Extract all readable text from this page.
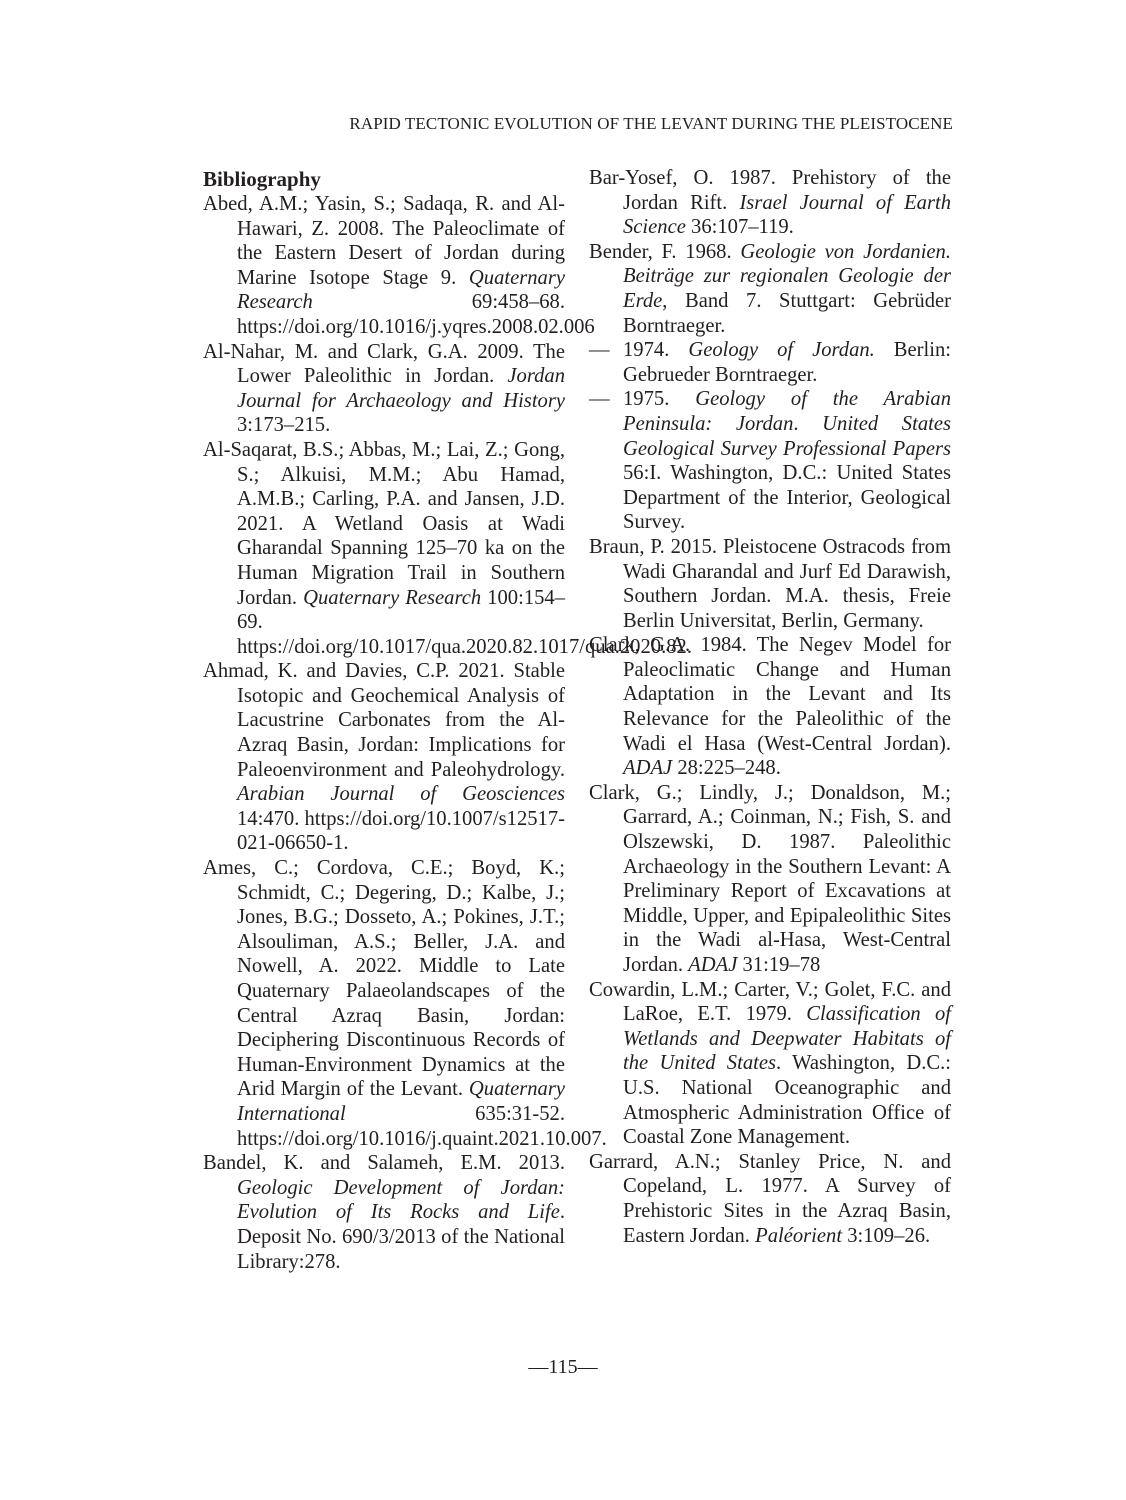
RAPID TECTONIC EVOLUTION OF THE LEVANT DURING THE PLEISTOCENE
Bibliography

Abed, A.M.; Yasin, S.; Sadaqa, R. and Al-Hawari, Z. 2008. The Paleoclimate of the Eastern Desert of Jordan during Marine Isotope Stage 9. Quaternary Research 69:458–68. https://doi.org/10.1016/j.yqres.2008.02.006

Al-Nahar, M. and Clark, G.A. 2009. The Lower Paleolithic in Jordan. Jordan Journal for Archaeology and History 3:173–215.

Al-Saqarat, B.S.; Abbas, M.; Lai, Z.; Gong, S.; Alkuisi, M.M.; Abu Hamad, A.M.B.; Carling, P.A. and Jansen, J.D. 2021. A Wetland Oasis at Wadi Gharandal Spanning 125–70 ka on the Human Migration Trail in Southern Jordan. Quaternary Research 100:154–69. https://doi.org/10.1017/qua.2020.82.1017/qua.2020.82.

Ahmad, K. and Davies, C.P. 2021. Stable Isotopic and Geochemical Analysis of Lacustrine Carbonates from the Al-Azraq Basin, Jordan: Implications for Paleoenvironment and Paleohydrology. Arabian Journal of Geosciences 14:470. https://doi.org/10.1007/s12517-021-06650-1.

Ames, C.; Cordova, C.E.; Boyd, K.; Schmidt, C.; Degering, D.; Kalbe, J.; Jones, B.G.; Dosseto, A.; Pokines, J.T.; Alsouliman, A.S.; Beller, J.A. and Nowell, A. 2022. Middle to Late Quaternary Palaeolandscapes of the Central Azraq Basin, Jordan: Deciphering Discontinuous Records of Human-Environment Dynamics at the Arid Margin of the Levant. Quaternary International 635:31-52. https://doi.org/10.1016/j.quaint.2021.10.007.

Bandel, K. and Salameh, E.M. 2013. Geologic Development of Jordan: Evolution of Its Rocks and Life. Deposit No. 690/3/2013 of the National Library:278.

Bar-Yosef, O. 1987. Prehistory of the Jordan Rift. Israel Journal of Earth Science 36:107–119.

Bender, F. 1968. Geologie von Jordanien. Beiträge zur regionalen Geologie der Erde, Band 7. Stuttgart: Gebrüder Borntraeger.

— 1974. Geology of Jordan. Berlin: Gebrueder Borntraeger.

— 1975. Geology of the Arabian Peninsula: Jordan. United States Geological Survey Professional Papers 56:I. Washington, D.C.: United States Department of the Interior, Geological Survey.

Braun, P. 2015. Pleistocene Ostracods from Wadi Gharandal and Jurf Ed Darawish, Southern Jordan. M.A. thesis, Freie Berlin Universitat, Berlin, Germany.

Clark, G.A. 1984. The Negev Model for Paleoclimatic Change and Human Adaptation in the Levant and Its Relevance for the Paleolithic of the Wadi el Hasa (West-Central Jordan). ADAJ 28:225–248.

Clark, G.; Lindly, J.; Donaldson, M.; Garrard, A.; Coinman, N.; Fish, S. and Olszewski, D. 1987. Paleolithic Archaeology in the Southern Levant: A Preliminary Report of Excavations at Middle, Upper, and Epipaleolithic Sites in the Wadi al-Hasa, West-Central Jordan. ADAJ 31:19–78

Cowardin, L.M.; Carter, V.; Golet, F.C. and LaRoe, E.T. 1979. Classification of Wetlands and Deepwater Habitats of the United States. Washington, D.C.: U.S. National Oceanographic and Atmospheric Administration Office of Coastal Zone Management.

Garrard, A.N.; Stanley Price, N. and Copeland, L. 1977. A Survey of Prehistoric Sites in the Azraq Basin, Eastern Jordan. Paléorient 3:109–26.

—115—
